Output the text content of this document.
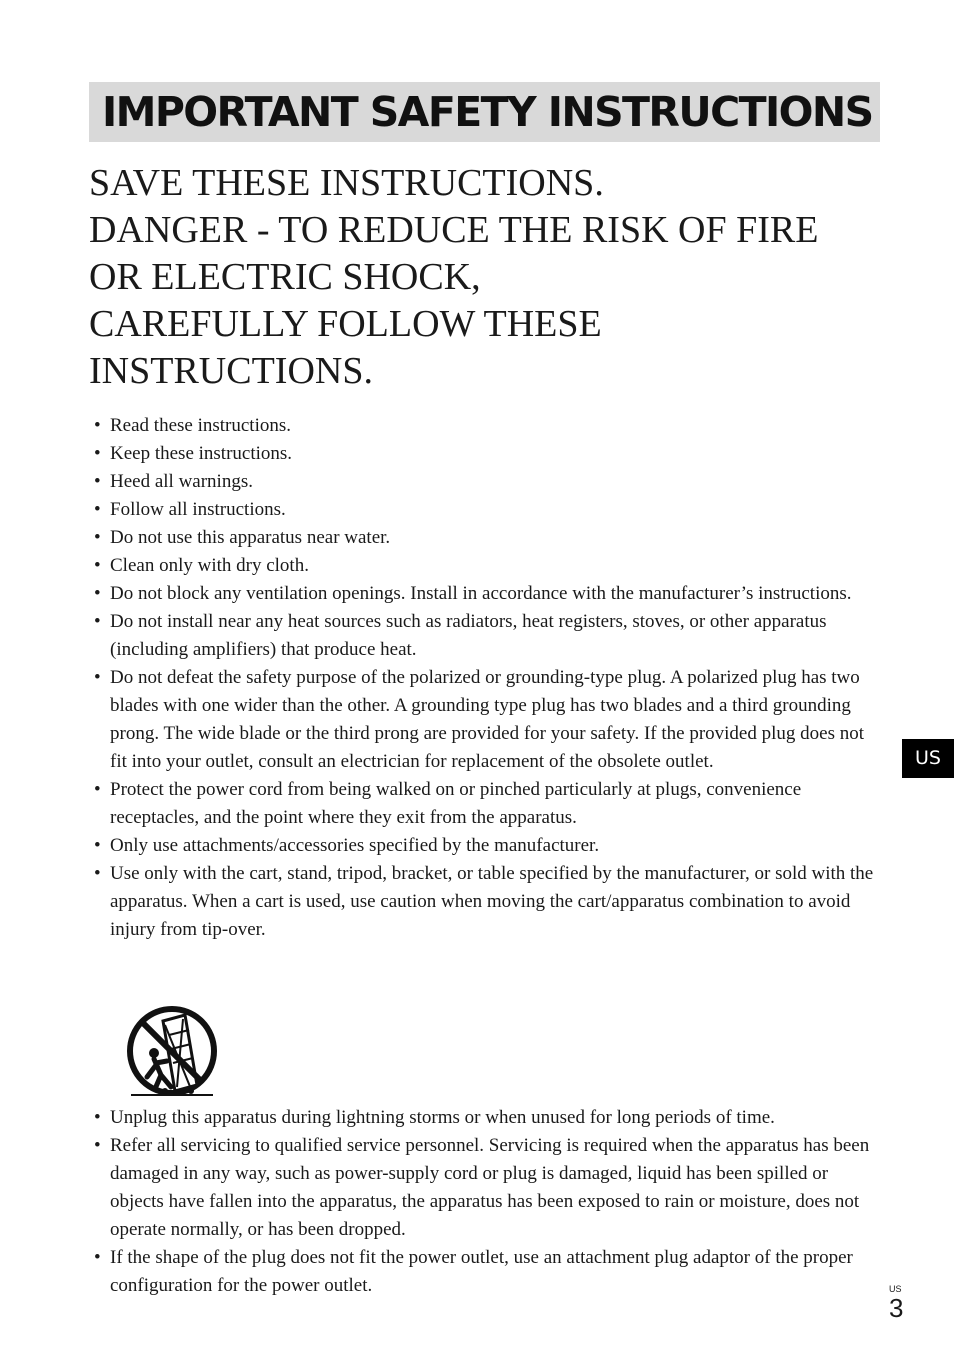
IMPORTANT SAFETY INSTRUCTIONS
SAVE THESE INSTRUCTIONS.
DANGER - TO REDUCE THE RISK OF FIRE
OR ELECTRIC SHOCK,
CAREFULLY FOLLOW THESE
INSTRUCTIONS.
• Read these instructions.
• Keep these instructions.
• Heed all warnings.
• Follow all instructions.
• Do not use this apparatus near water.
• Clean only with dry cloth.
• Do not block any ventilation openings. Install in accordance with the manufacturer’s instructions.
• Do not install near any heat sources such as radiators, heat registers, stoves, or other apparatus (including amplifiers) that produce heat.
• Do not defeat the safety purpose of the polarized or grounding-type plug. A polarized plug has two blades with one wider than the other. A grounding type plug has two blades and a third grounding prong. The wide blade or the third prong are provided for your safety. If the provided plug does not fit into your outlet, consult an electrician for replacement of the obsolete outlet.
• Protect the power cord from being walked on or pinched particularly at plugs, convenience receptacles, and the point where they exit from the apparatus.
• Only use attachments/accessories specified by the manufacturer.
• Use only with the cart, stand, tripod, bracket, or table specified by the manufacturer, or sold with the apparatus. When a cart is used, use caution when moving the cart/apparatus combination to avoid injury from tip-over.
• Unplug this apparatus during lightning storms or when unused for long periods of time.
• Refer all servicing to qualified service personnel. Servicing is required when the apparatus has been damaged in any way, such as power-supply cord or plug is damaged, liquid has been spilled or objects have fallen into the apparatus, the apparatus has been exposed to rain or moisture, does not operate normally, or has been dropped.
• If the shape of the plug does not fit the power outlet, use an attachment plug adaptor of the proper configuration for the power outlet.
US
US
3
